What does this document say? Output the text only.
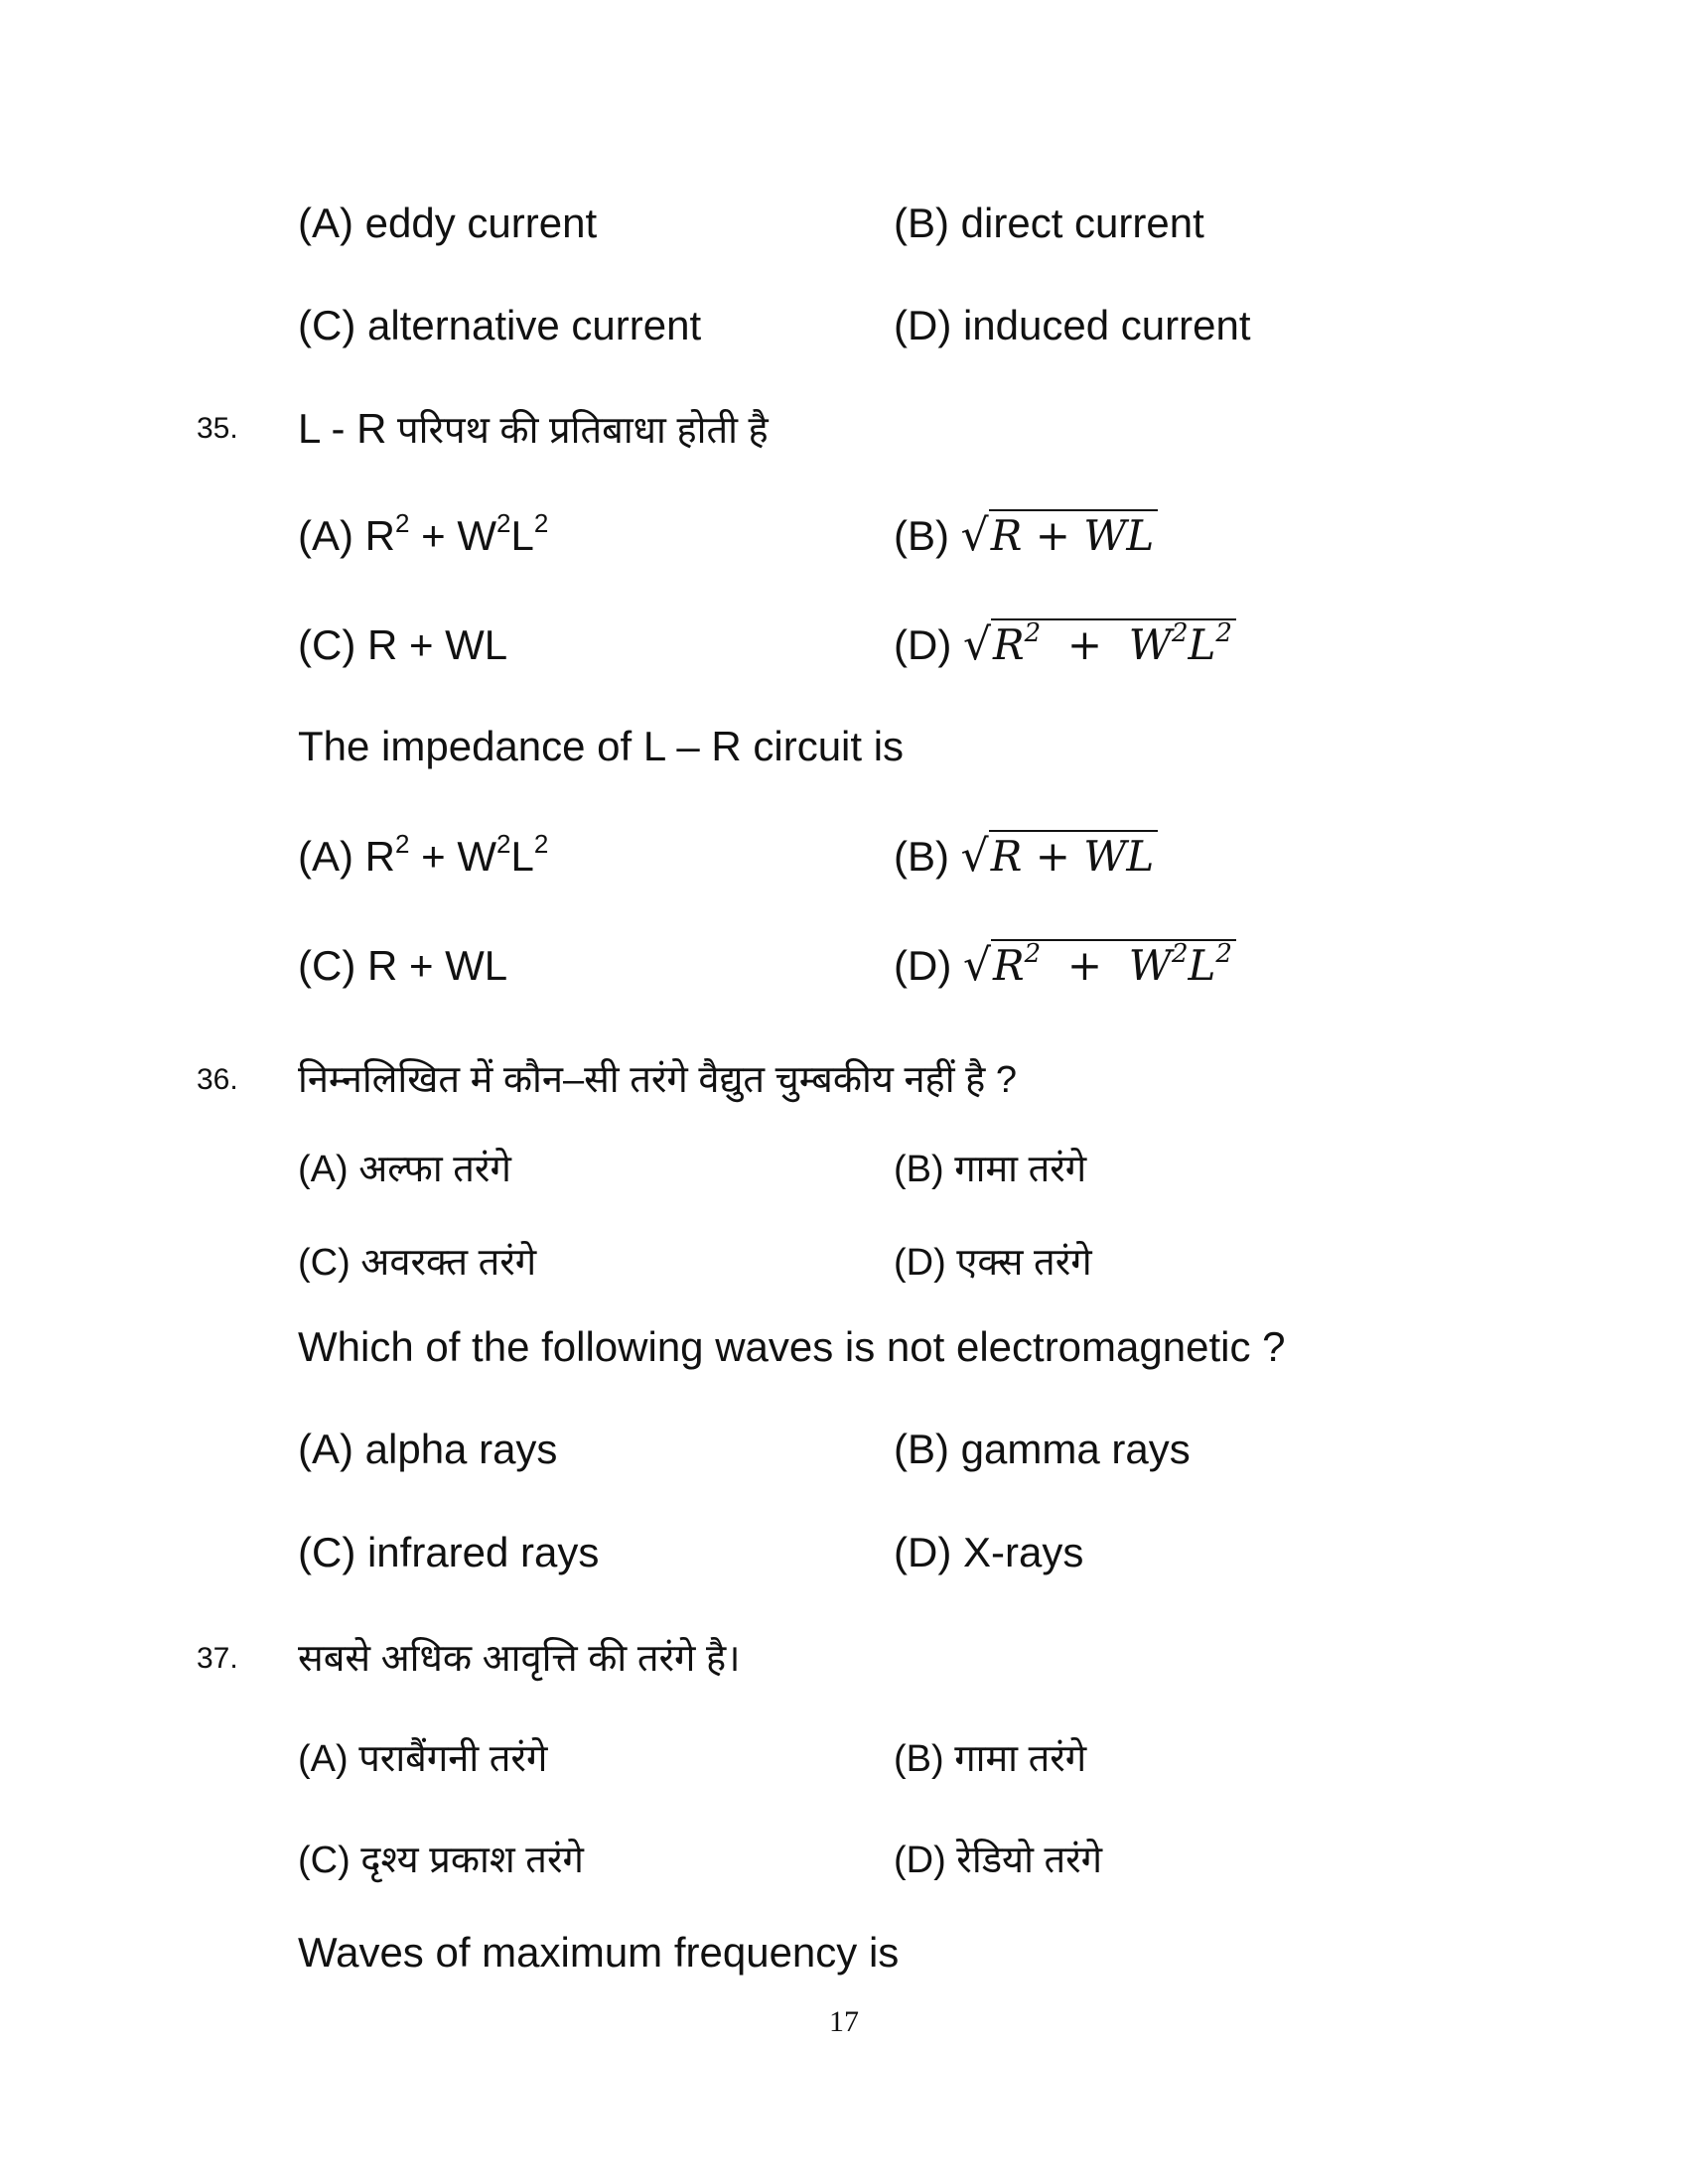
(A) eddy current	(B) direct current
(C) alternative current	(D) induced current
35. L - R परिपथ की प्रतिबाधा होती है
(A) $R^2 + W^2L^2$	(B) √R + WL
(C) R + WL	(D) $√R^2 + W^2L^2$
The impedance of L – R circuit is
(A) $R^2 + W^2L^2$	(B) √R + WL
(C) R + WL	(D) $√R^2 + W^2L^2$
36. निम्नलिखित में कौन–सी तरंगे वैद्युत चुम्बकीय नहीं है ?
(A) अल्फा तरंगे	(B) गामा तरंगे
(C) अवरक्त तरंगे	(D) एक्स तरंगे
Which of the following waves is not electromagnetic ?
(A) alpha rays	(B) gamma rays
(C) infrared rays	(D) X-rays
37. सबसे अधिक आवृत्ति की तरंगे है।
(A) पराबैंगनी तरंगे	(B) गामा तरंगे
(C) दृश्य प्रकाश तरंगे	(D) रेडियो तरंगे
Waves of maximum frequency is
17
